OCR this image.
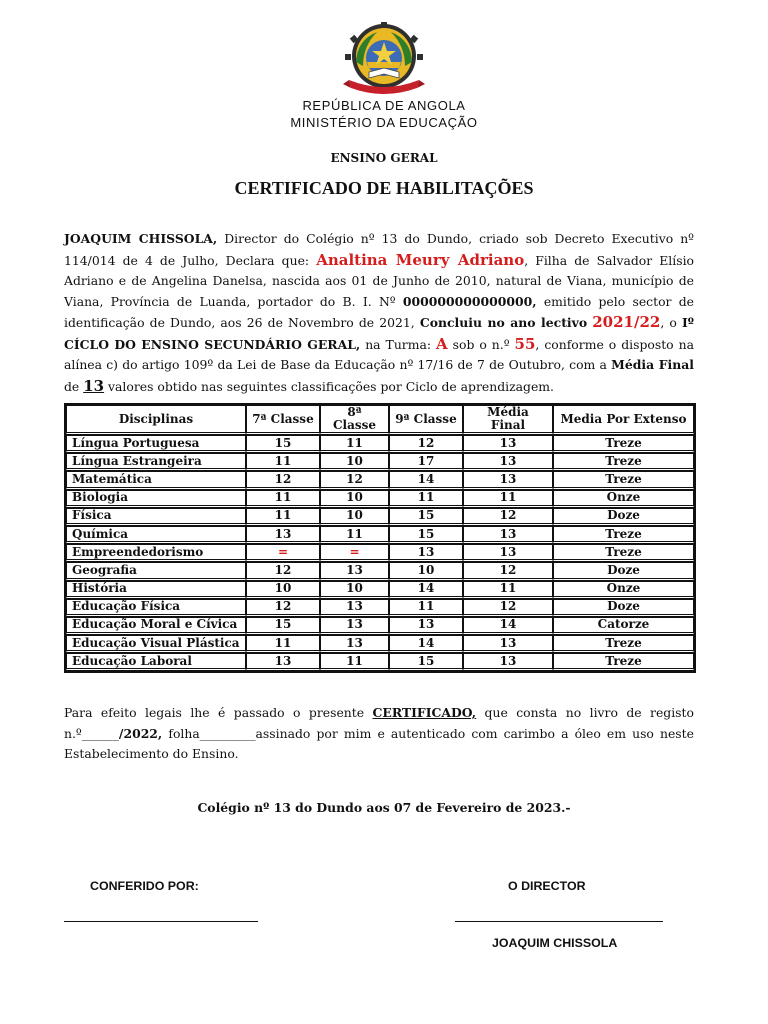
REPÚBLICA DE ANGOLA
MINISTÉRIO DA EDUCAÇÃO
ENSINO GERAL
CERTIFICADO DE HABILITAÇÕES
JOAQUIM CHISSOLA, Director do Colégio nº 13 do Dundo, criado sob Decreto Executivo nº 114/014 de 4 de Julho, Declara que: Analtina Meury Adriano, Filha de Salvador Elísio Adriano e de Angelina Danelsa, nascida aos 01 de Junho de 2010, natural de Viana, município de Viana, Província de Luanda, portador do B. I. Nº 000000000000000, emitido pelo sector de identificação de Dundo, aos 26 de Novembro de 2021, Concluiu no ano lectivo 2021/22, o Iº CÍCLO DO ENSINO SECUNDÁRIO GERAL, na Turma: A sob o n.º 55, conforme o disposto na alínea c) do artigo 109º da Lei de Base da Educação nº 17/16 de 7 de Outubro, com a Média Final de 13 valores obtido nas seguintes classificações por Ciclo de aprendizagem.
Disciplinas	7ª Classe	8ª Classe	9ª Classe	Média Final	Media Por Extenso
Língua Portuguesa	15	11	12	13	Treze
Língua Estrangeira	11	10	17	13	Treze
Matemática	12	12	14	13	Treze
Biologia	11	10	11	11	Onze
Física	11	10	15	12	Doze
Química	13	11	15	13	Treze
Empreendedorismo	=	=	13	13	Treze
Geografia	12	13	10	12	Doze
História	10	10	14	11	Onze
Educação Física	12	13	11	12	Doze
Educação Moral e Cívica	15	13	13	14	Catorze
Educação Visual Plástica	11	13	14	13	Treze
Educação Laboral	13	11	15	13	Treze
Para efeito legais lhe é passado o presente CERTIFICADO, que consta no livro de registo n.º______/2022, folha_________assinado por mim e autenticado com carimbo a óleo em uso neste Estabelecimento do Ensino.
Colégio nº 13 do Dundo aos 07 de Fevereiro de 2023.-
CONFERIDO POR:	O DIRECTOR
JOAQUIM CHISSOLA
